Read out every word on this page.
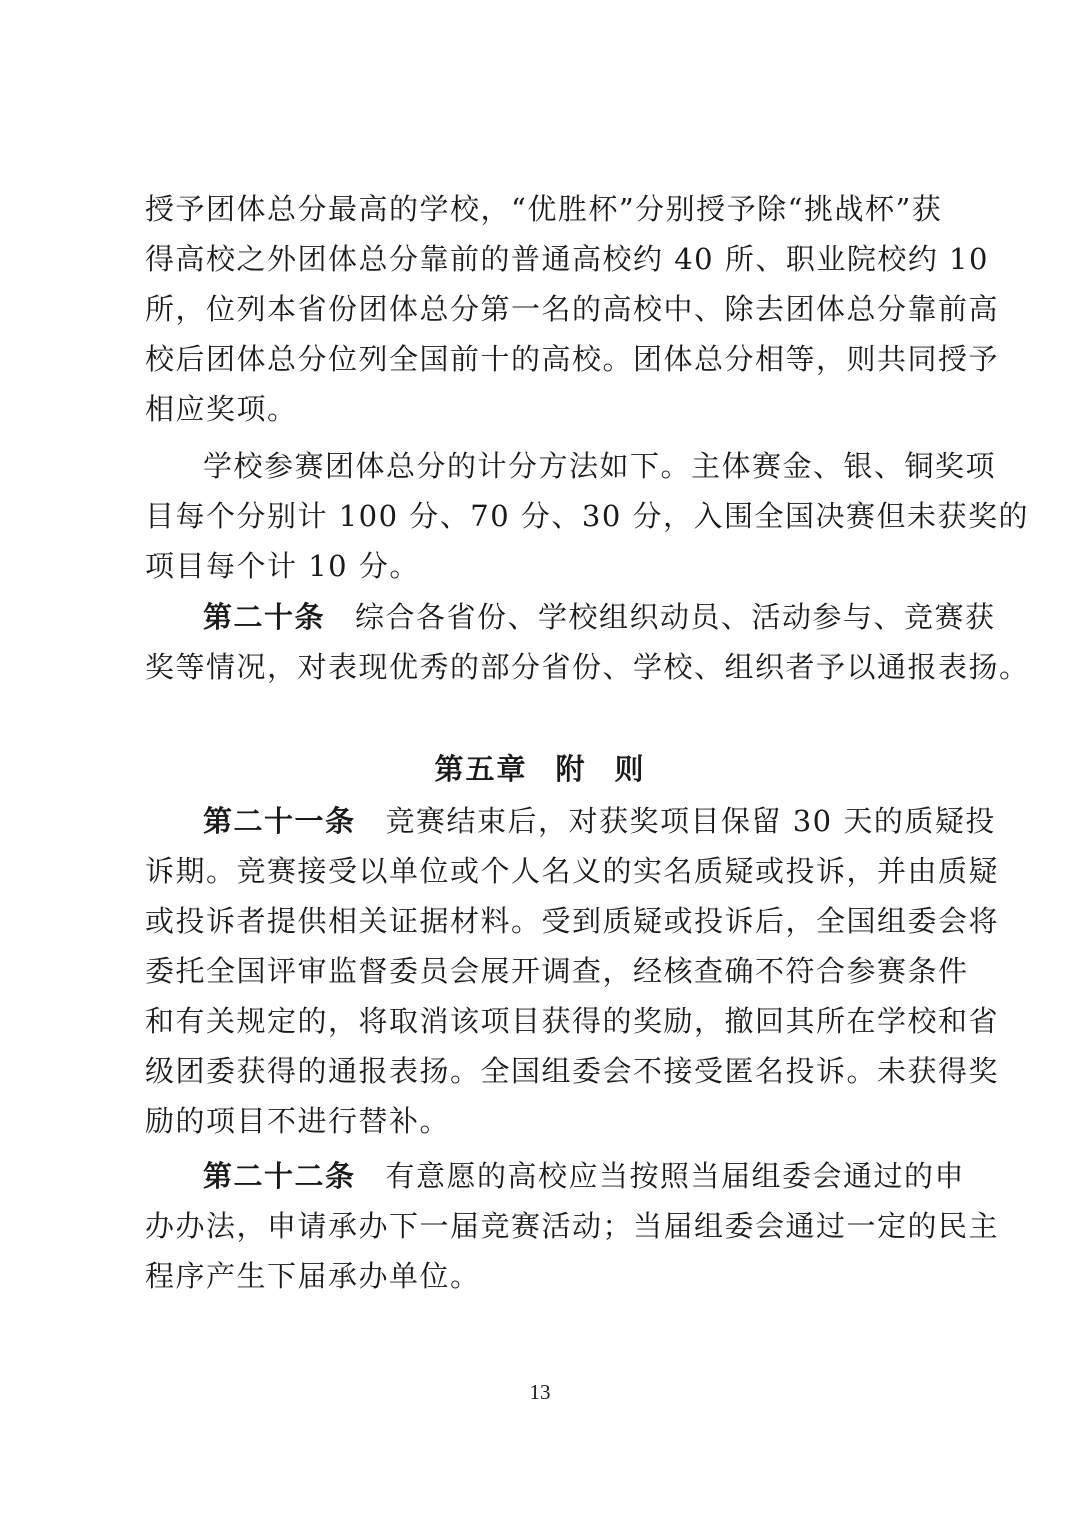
授予团体总分最高的学校，“优胜杯”分别授予除“挑战杯”获
得高校之外团体总分靠前的普通高校约 40 所、职业院校约 10
所，位列本省份团体总分第一名的高校中、除去团体总分靠前高
校后团体总分位列全国前十的高校。团体总分相等，则共同授予
相应奖项。
学校参赛团体总分的计分方法如下。主体赛金、银、铜奖项
目每个分别计 100 分、70 分、30 分，入围全国决赛但未获奖的
项目每个计 10 分。
第二十条 综合各省份、学校组织动员、活动参与、竞赛获
奖等情况，对表现优秀的部分省份、学校、组织者予以通报表扬。
第五章 附 则
第二十一条 竞赛结束后，对获奖项目保留 30 天的质疑投
诉期。竞赛接受以单位或个人名义的实名质疑或投诉，并由质疑
或投诉者提供相关证据材料。受到质疑或投诉后，全国组委会将
委托全国评审监督委员会展开调查，经核查确不符合参赛条件
和有关规定的，将取消该项目获得的奖励，撤回其所在学校和省
级团委获得的通报表扬。全国组委会不接受匿名投诉。未获得奖
励的项目不进行替补。
第二十二条 有意愿的高校应当按照当届组委会通过的申
办办法，申请承办下一届竞赛活动；当届组委会通过一定的民主
程序产生下届承办单位。
13
